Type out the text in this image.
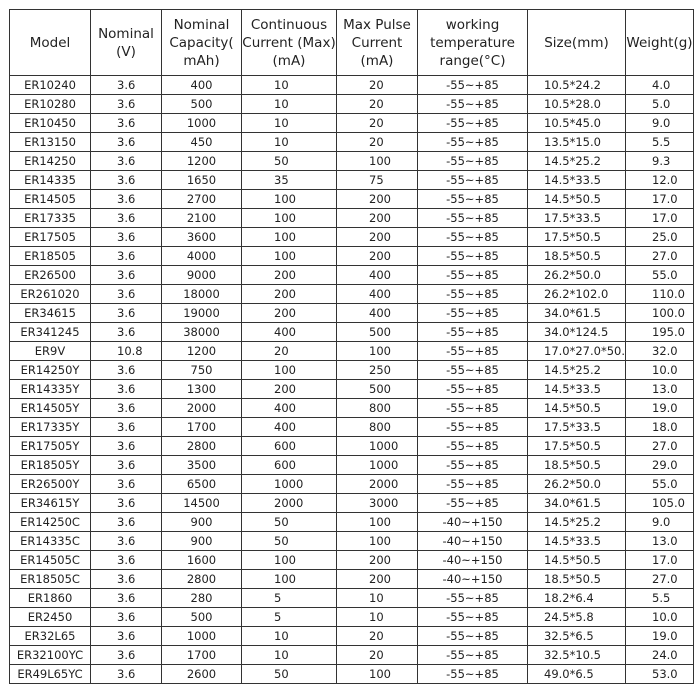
Model	Nominal (V)	Nominal Capacity( mAh)	Continuous Current (Max)(mA)	Max Pulse Current (mA)	working temperature range(°C)	Size(mm)	Weight(g)
ER10240	3.6	400	10	20	-55~+85	10.5*24.2	4.0
ER10280	3.6	500	10	20	-55~+85	10.5*28.0	5.0
ER10450	3.6	1000	10	20	-55~+85	10.5*45.0	9.0
ER13150	3.6	450	10	20	-55~+85	13.5*15.0	5.5
ER14250	3.6	1200	50	100	-55~+85	14.5*25.2	9.3
ER14335	3.6	1650	35	75	-55~+85	14.5*33.5	12.0
ER14505	3.6	2700	100	200	-55~+85	14.5*50.5	17.0
ER17335	3.6	2100	100	200	-55~+85	17.5*33.5	17.0
ER17505	3.6	3600	100	200	-55~+85	17.5*50.5	25.0
ER18505	3.6	4000	100	200	-55~+85	18.5*50.5	27.0
ER26500	3.6	9000	200	400	-55~+85	26.2*50.0	55.0
ER261020	3.6	18000	200	400	-55~+85	26.2*102.0	110.0
ER34615	3.6	19000	200	400	-55~+85	34.0*61.5	100.0
ER341245	3.6	38000	400	500	-55~+85	34.0*124.5	195.0
ER9V	10.8	1200	20	100	-55~+85	17.0*27.0*50.	32.0
ER14250Y	3.6	750	100	250	-55~+85	14.5*25.2	10.0
ER14335Y	3.6	1300	200	500	-55~+85	14.5*33.5	13.0
ER14505Y	3.6	2000	400	800	-55~+85	14.5*50.5	19.0
ER17335Y	3.6	1700	400	800	-55~+85	17.5*33.5	18.0
ER17505Y	3.6	2800	600	1000	-55~+85	17.5*50.5	27.0
ER18505Y	3.6	3500	600	1000	-55~+85	18.5*50.5	29.0
ER26500Y	3.6	6500	1000	2000	-55~+85	26.2*50.0	55.0
ER34615Y	3.6	14500	2000	3000	-55~+85	34.0*61.5	105.0
ER14250C	3.6	900	50	100	-40~+150	14.5*25.2	9.0
ER14335C	3.6	900	50	100	-40~+150	14.5*33.5	13.0
ER14505C	3.6	1600	100	200	-40~+150	14.5*50.5	17.0
ER18505C	3.6	2800	100	200	-40~+150	18.5*50.5	27.0
ER1860	3.6	280	5	10	-55~+85	18.2*6.4	5.5
ER2450	3.6	500	5	10	-55~+85	24.5*5.8	10.0
ER32L65	3.6	1000	10	20	-55~+85	32.5*6.5	19.0
ER32100YC	3.6	1700	10	20	-55~+85	32.5*10.5	24.0
ER49L65YC	3.6	2600	50	100	-55~+85	49.0*6.5	53.0
